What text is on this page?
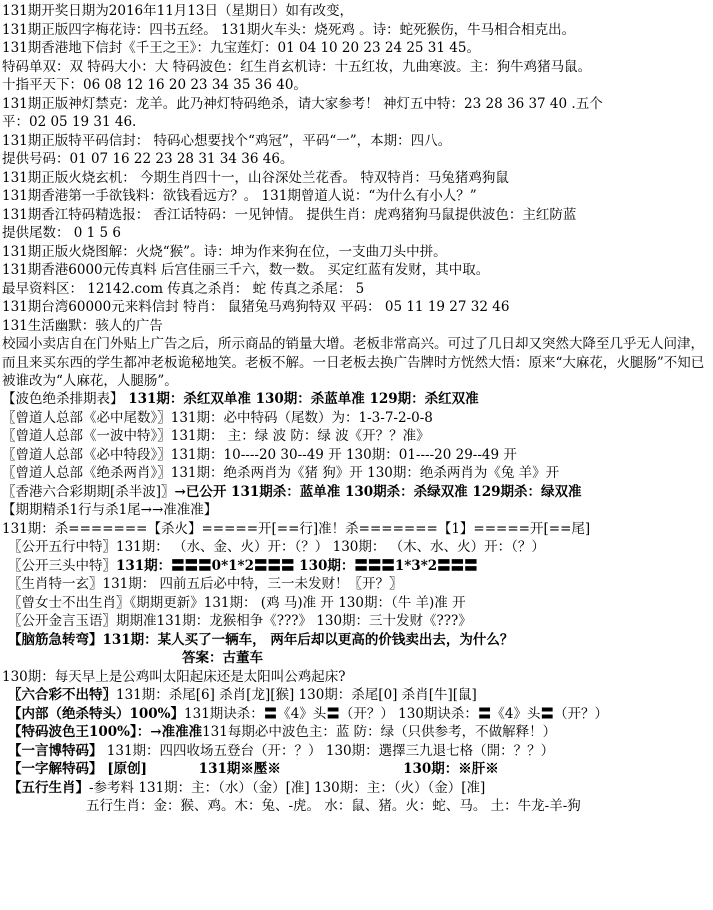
131期开奖日期为2016年11月13日（星期日）如有改变，
131期正版四字梅花诗：四书五经。 131期火车头：烧死鸡 。诗：蛇死猴伤，牛马相合相克出。
131期香港地下信封《千王之王》：九宝莲灯：01 04 10 20 23 24 25 31 45。
特码单双：双 特码大小：大 特码波色：红生肖玄机诗：十五红妆，九曲寒波。主：狗牛鸡猪马鼠。
十指平天下：06 08 12 16 20 23 34 35 36 40。
131期正版神灯禁克：龙羊。此乃神灯特码绝杀，请大家参考！ 神灯五中特：23 28 36 37 40 .五个
平：02 05 19 31 46.
131期正版特平码信封： 特码心想要找个“鸡冠”，平码“一”，本期：四八。
提供号码：01 07 16 22 23 28 31 34 36 46。
131期正版火烧玄机： 今期生肖四十一，山谷深处兰花香。 特双特肖：马兔猪鸡狗鼠
131期香港第一手欲钱料：欲钱看远方？。 131期曾道人说：“为什么有小人？”
131期香江特码精选报： 香江话特码：一见钟情。 提供生肖：虎鸡猪狗马鼠提供波色：主红防蓝
提供尾数： 0 1 5 6
131期正版火烧图解：火烧“猴”。诗：坤为作来狗在位，一支曲刀头中拼。
131期香港6000元传真料 后宫佳丽三千六，数一数。 买定红蓝有发财，其中取。
最早资料区： 12142.com 传真之杀肖： 蛇 传真之杀尾： 5
131期台湾60000元来料信封 特肖： 鼠猪兔马鸡狗特双 平码： 05 11 19 27 32 46
131生活幽默：骇人的广告
校园小卖店自在门外贴上广告之后，所示商品的销量大增。老板非常高兴。可过了几日却又突然大降至几乎无人问津，而且来买东西的学生都冲老板诡秘地笑。老板不解。一日老板去换广告牌时方恍然大悟：原来“大麻花，火腿肠”不知已被谁改为“人麻花，人腿肠”。
【波色绝杀排期表】 131期：杀红双单准 130期：杀蓝单准 129期：杀红双准
〖曾道人总部《必中尾数》〗131期：必中特码（尾数）为：1-3-7-2-0-8
〖曾道人总部《一波中特》〗131期： 主：绿 波 防：绿 波《开？？准》
〖曾道人总部《必中特段》〗131期：10----20 30--49 开 130期：01----20 29--49 开
〖曾道人总部《绝杀两肖》〗131期：绝杀两肖为《猪 狗》开 130期：绝杀两肖为《兔 羊》开
〖香港六合彩期期[杀半波]〗→已公开 131期杀：蓝单准 130期杀：杀绿双准 129期杀：绿双准
【期期精杀1行与杀1尾→→准准准】
131期：杀=======【杀火】=====开[==行]准！杀=======【1】=====开[==尾]
〖公开五行中特〗131期： （水、金、火）开：（？） 130期： （木、水、火）开：（？）
〖公开三头中特〗131期：〓〓〓0*1*2〓〓〓 130期：〓〓〓1*3*2〓〓〓
〖生肖特一玄〗131期： 四前五后必中特，三一未发财！〖开？〗
〖曾女士不出生肖〗《期期更新》131期： (鸡 马)准 开 130期：（牛 羊)准 开
〖公开金言玉语〗期期准131期：龙猴相争《???》 130期：三十发财《???》
【脑筋急转弯】131期：某人买了一辆车， 两年后却以更高的价钱卖出去，为什么？
答案：古董车
130期：每天早上是公鸡叫太阳起床还是太阳叫公鸡起床?
〖六合彩不出特〗131期：杀尾[6] 杀肖[龙][猴] 130期：杀尾[0] 杀肖[牛][鼠]
【内部（绝杀特头）100%】131期诀杀：〓《4》头〓（开？） 130期诀杀：〓《4》头〓（开？）
【特码波色王100%】：→准准准131每期必中波色主：蓝 防：绿（只供参考，不做解释！）
【一言博特码】 131期：四四收场五登台（开：？） 130期：選擇三九退七格（開：？？）
【一字解特码】 [原创]           131期※壓※                          130期：※肝※
【五行生肖】-参考料 131期：主：（水）（金）[准] 130期：主：（火）（金）[准]
五行生肖：金：猴、鸡。木：兔、-虎。 水：鼠、猪。火：蛇、马。 土：牛龙-羊-狗
